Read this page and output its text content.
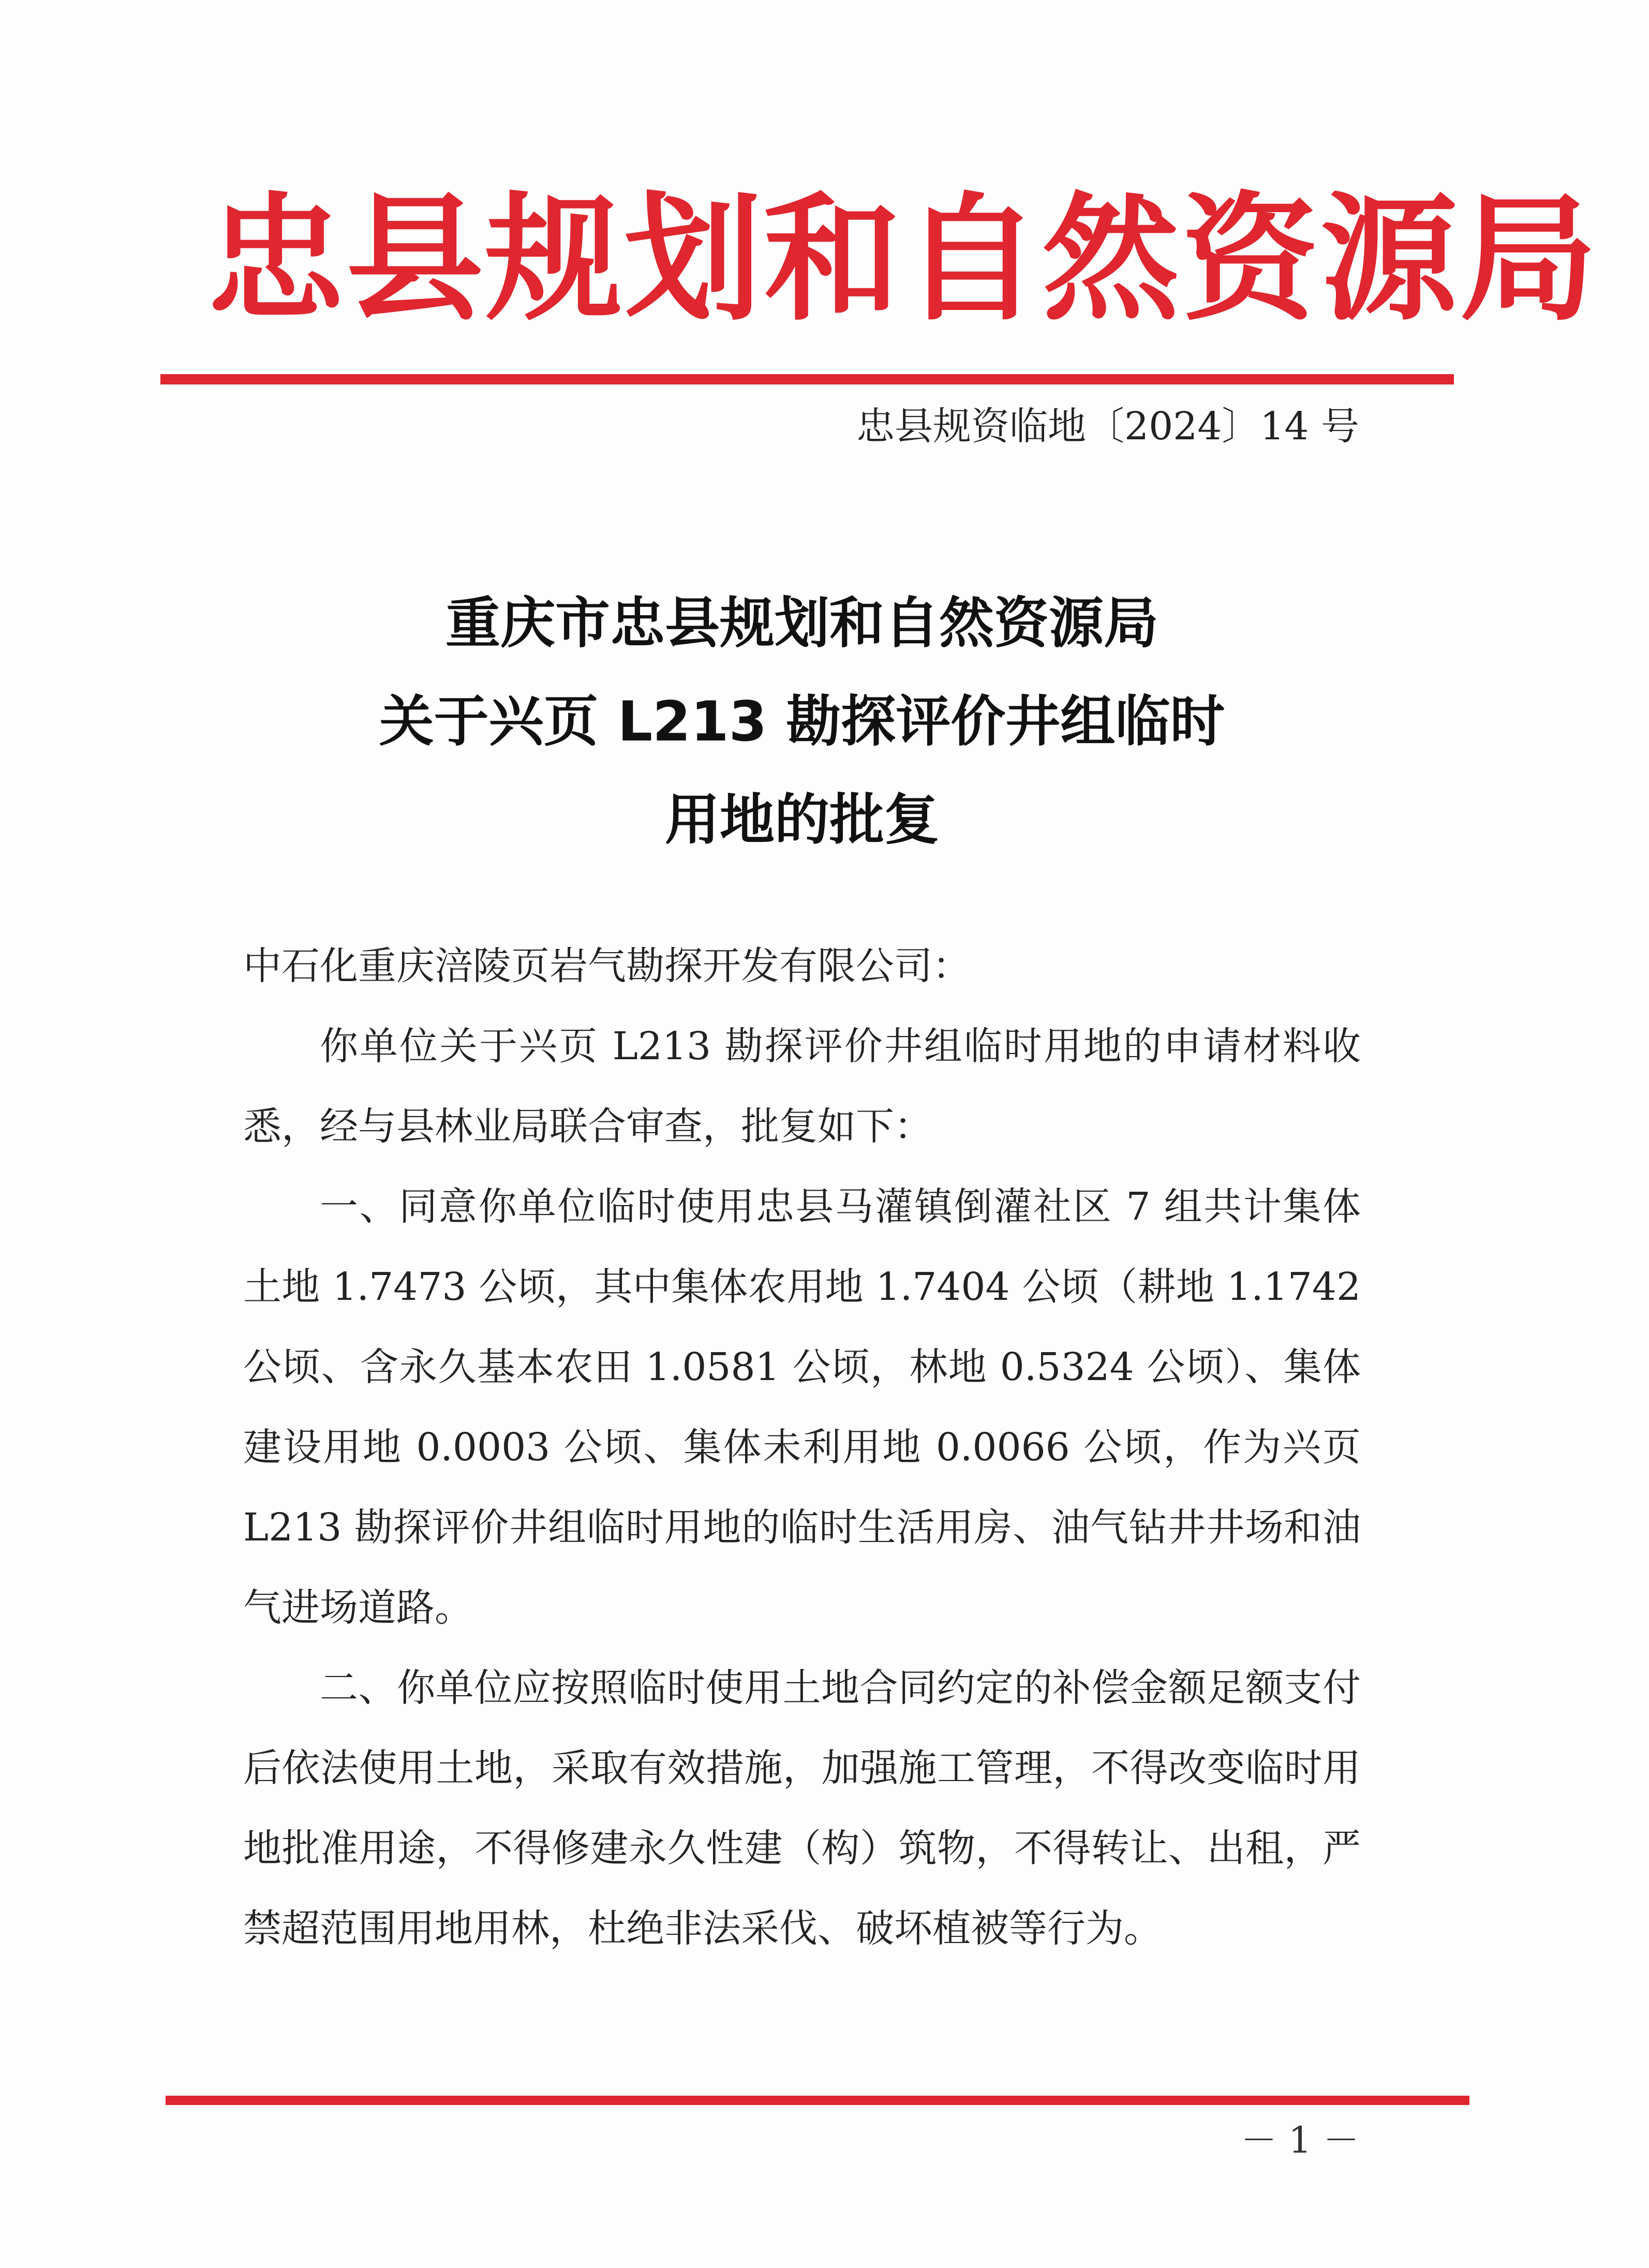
忠县规划和自然资源局
忠县规资临地〔2024〕14 号
重庆市忠县规划和自然资源局
关于兴页 L213 勘探评价井组临时
用地的批复

中石化重庆涪陵页岩气勘探开发有限公司：

你单位关于兴页 L213 勘探评价井组临时用地的申请材料收悉，经与县林业局联合审查，批复如下：

一、同意你单位临时使用忠县马灌镇倒灌社区 7 组共计集体土地 1.7473 公顷，其中集体农用地 1.7404 公顷（耕地 1.1742 公顷、含永久基本农田 1.0581 公顷，林地 0.5324 公顷）、集体建设用地 0.0003 公顷、集体未利用地 0.0066 公顷，作为兴页 L213 勘探评价井组临时用地的临时生活用房、油气钻井井场和油气进场道路。

二、你单位应按照临时使用土地合同约定的补偿金额足额支付后依法使用土地，采取有效措施，加强施工管理，不得改变临时用地批准用途，不得修建永久性建（构）筑物，不得转让、出租，严禁超范围用地用林，杜绝非法采伐、破坏植被等行为。

－ 1 －
